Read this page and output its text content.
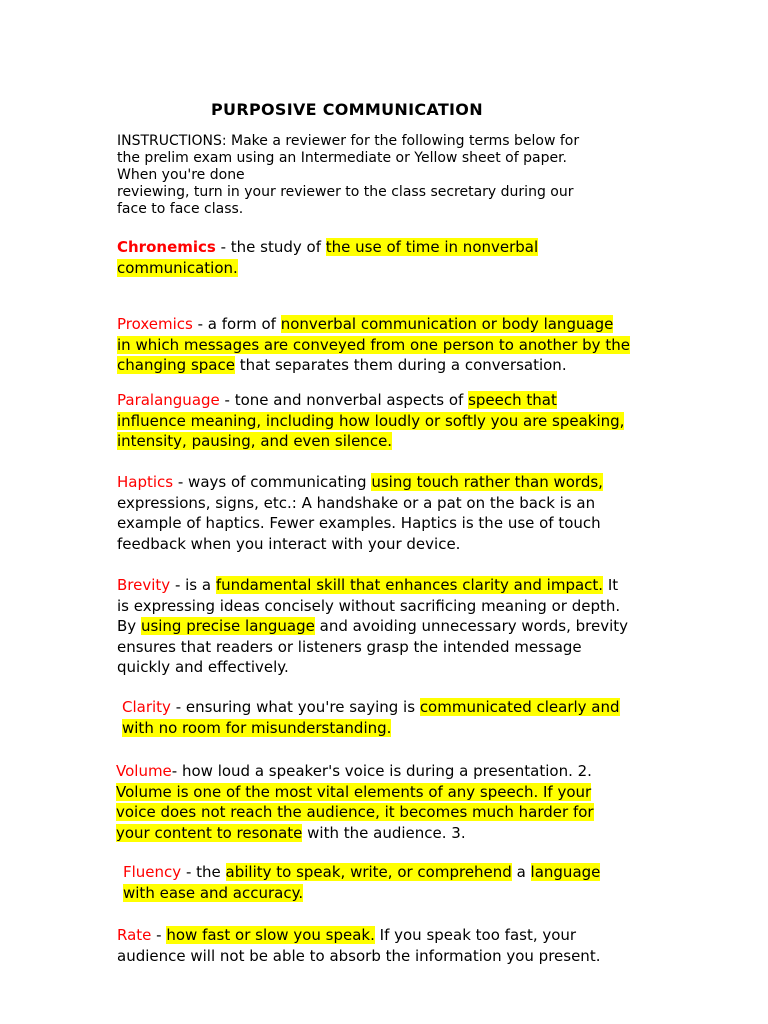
PURPOSIVE COMMUNICATION
INSTRUCTIONS: Make a reviewer for the following terms below for
the prelim exam using an Intermediate or Yellow sheet of paper.
When you're done
reviewing, turn in your reviewer to the class secretary during our
face to face class.
Chronemics - the study of the use of time in nonverbal
communication.
Proxemics - a form of nonverbal communication or body language
in which messages are conveyed from one person to another by the
changing space that separates them during a conversation.
Paralanguage - tone and nonverbal aspects of speech that
influence meaning, including how loudly or softly you are speaking,
intensity, pausing, and even silence.
Haptics - ways of communicating using touch rather than words,
expressions, signs, etc.: A handshake or a pat on the back is an
example of haptics. Fewer examples. Haptics is the use of touch
feedback when you interact with your device.
Brevity - is a fundamental skill that enhances clarity and impact. It
is expressing ideas concisely without sacrificing meaning or depth.
By using precise language and avoiding unnecessary words, brevity
ensures that readers or listeners grasp the intended message
quickly and effectively.
Clarity - ensuring what you're saying is communicated clearly and
with no room for misunderstanding.
Volume- how loud a speaker's voice is during a presentation. 2.
Volume is one of the most vital elements of any speech. If your
voice does not reach the audience, it becomes much harder for
your content to resonate with the audience. 3.
Fluency - the ability to speak, write, or comprehend a language
with ease and accuracy.
Rate - how fast or slow you speak. If you speak too fast, your
audience will not be able to absorb the information you present.
